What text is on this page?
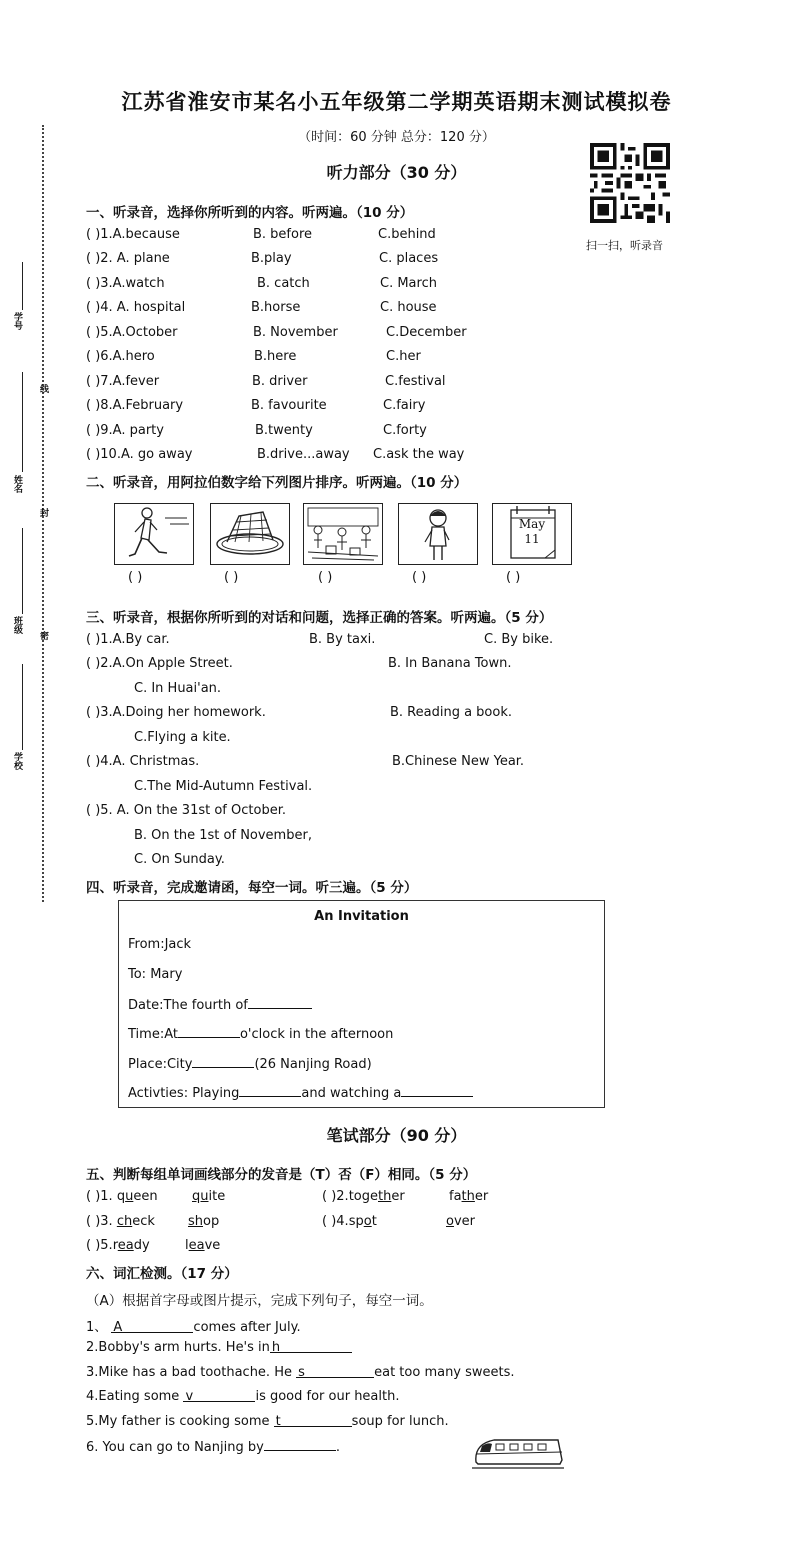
学号
线
姓名
封
班级
密
学校
江苏省淮安市某名小五年级第二学期英语期末测试模拟卷
（时间：60 分钟 总分：120 分）
听力部分（30 分）
扫一扫，听录音
一、听录音，选择你所听到的内容。听两遍。（10 分）
( )1.A.because	B. before	C.behind
( )2. A. plane	B.play	C. places
( )3.A.watch	B. catch	C. March
( )4. A. hospital	B.horse	C. house
( )5.A.October	B. November	C.December
( )6.A.hero	B.here	C.her
( )7.A.fever	B. driver	C.festival
( )8.A.February	B. favourite	C.fairy
( )9.A. party	B.twenty	C.forty
( )10.A. go away	B.drive...away C.ask the way
二、听录音，用阿拉伯数字给下列图片排序。听两遍。（10 分）
May
11
( )	( )	( )	( )	( )
三、听录音，根据你所听到的对话和问题，选择正确的答案。听两遍。（5 分）
( )1.A.By car.	B. By taxi.	C. By bike.
( )2.A.On Apple Street.	B. In Banana Town.
C. In Huai'an.
( )3.A.Doing her homework.	B. Reading a book.
C.Flying a kite.
( )4.A. Christmas.	B.Chinese New Year.
C.The Mid-Autumn Festival.
( )5. A. On the 31st of October.
B. On the 1st of November,
C. On Sunday.
四、听录音，完成邀请函，每空一词。听三遍。（5 分）
An Invitation
From:Jack
To: Mary
Date:The fourth of
Time:At	o'clock in the afternoon
Place:City	(26 Nanjing Road)
Activties: Playing	and watching a
笔试部分（90 分）
五、判断每组单词画线部分的发音是（T）否（F）相同。（5 分）
( )1. queen	quite	( )2.together	father
( )3. check	shop	( )4.spot	over
( )5.ready	leave
六、词汇检测。（17 分）
（A）根据首字母或图片提示，完成下列句子，每空一词。
1、 A	comes after July.
2.Bobby's arm hurts. He's in h
3.Mike has a bad toothache. He s	eat too many sweets.
4.Eating some v	is good for our health.
5.My father is cooking some t	soup for lunch.
6. You can go to Nanjing by	.
